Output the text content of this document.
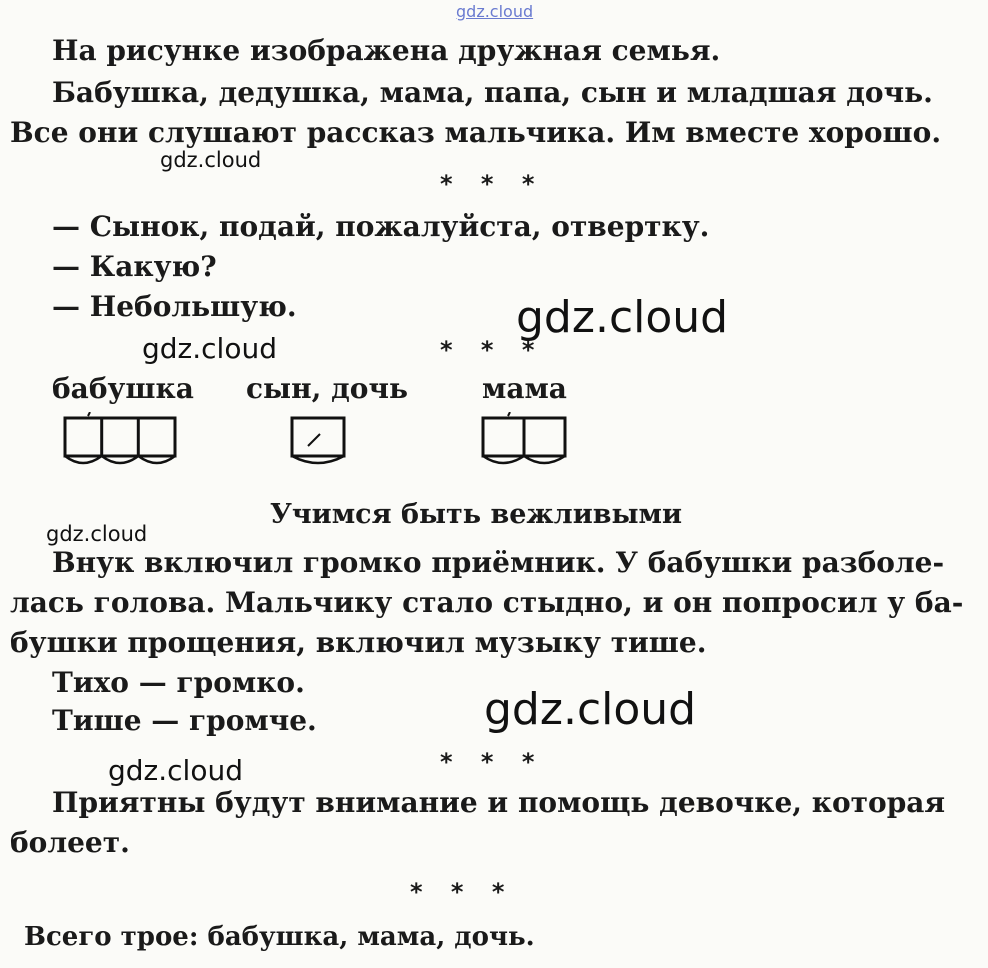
gdz.cloud
На рисунке изображена дружная семья.
Бабушка, дедушка, мама, папа, сын и младшая дочь.
Все они слушают рассказ мальчика. Им вместе хорошо.
gdz.cloud
* * *
— Сынок, подай, пожалуйста, отвертку.
— Какую?
— Небольшую.	gdz.cloud
gdz.cloud	* * *
бабушка сын, дочь	мама
Учимся быть вежливыми
gdz.cloud
Внук включил громко приёмник. У бабушки разболе-
лась голова. Мальчику стало стыдно, и он попросил у ба-
бушки прощения, включил музыку тише.
Тихо — громко.
Тише — громче.	gdz.cloud
gdz.cloud	* * *
Приятны будут внимание и помощь девочке, которая
болеет.
* * *
Всего трое: бабушка, мама, дочь.
